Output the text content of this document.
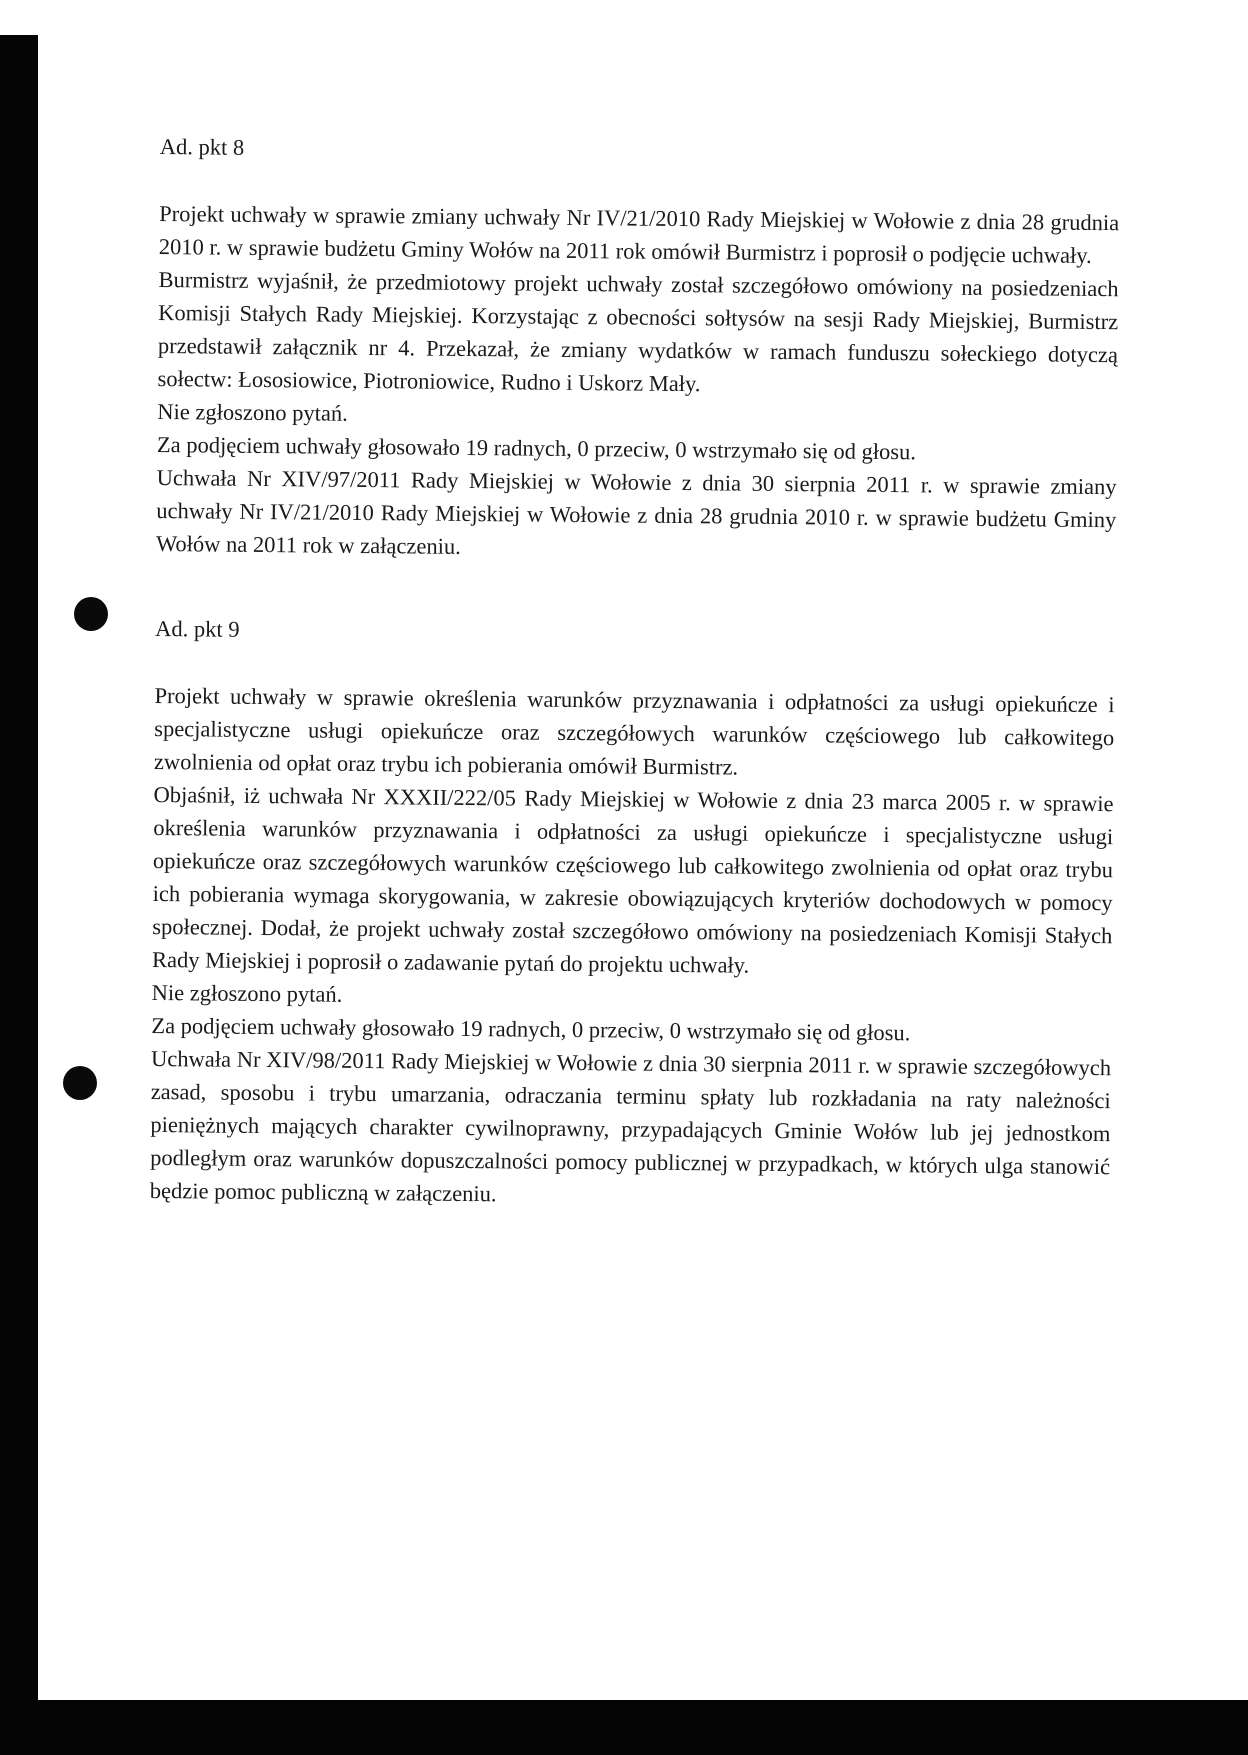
Ad. pkt 8

Projekt uchwały w sprawie zmiany uchwały Nr IV/21/2010 Rady Miejskiej w Wołowie z dnia 28 grudnia 2010 r. w sprawie budżetu Gminy Wołów na 2011 rok omówił Burmistrz i poprosił o podjęcie uchwały.

Burmistrz wyjaśnił, że przedmiotowy projekt uchwały został szczegółowo omówiony na posiedzeniach Komisji Stałych Rady Miejskiej. Korzystając z obecności sołtysów na sesji Rady Miejskiej, Burmistrz przedstawił załącznik nr 4. Przekazał, że zmiany wydatków w ramach funduszu sołeckiego dotyczą sołectw: Łososiowice, Piotroniowice, Rudno i Uskorz Mały.

Nie zgłoszono pytań.

Za podjęciem uchwały głosowało 19 radnych, 0 przeciw, 0 wstrzymało się od głosu.

Uchwała Nr XIV/97/2011 Rady Miejskiej w Wołowie z dnia 30 sierpnia 2011 r. w sprawie zmiany uchwały Nr IV/21/2010 Rady Miejskiej w Wołowie z dnia 28 grudnia 2010 r. w sprawie budżetu Gminy Wołów na 2011 rok w załączeniu.

Ad. pkt 9

Projekt uchwały w sprawie określenia warunków przyznawania i odpłatności za usługi opiekuńcze i specjalistyczne usługi opiekuńcze oraz szczegółowych warunków częściowego lub całkowitego zwolnienia od opłat oraz trybu ich pobierania omówił Burmistrz.

Objaśnił, iż uchwała Nr XXXII/222/05 Rady Miejskiej w Wołowie z dnia 23 marca 2005 r. w sprawie określenia warunków przyznawania i odpłatności za usługi opiekuńcze i specjalistyczne usługi opiekuńcze oraz szczegółowych warunków częściowego lub całkowitego zwolnienia od opłat oraz trybu ich pobierania wymaga skorygowania, w zakresie obowiązujących kryteriów dochodowych w pomocy społecznej. Dodał, że projekt uchwały został szczegółowo omówiony na posiedzeniach Komisji Stałych Rady Miejskiej i poprosił o zadawanie pytań do projektu uchwały.

Nie zgłoszono pytań.

Za podjęciem uchwały głosowało 19 radnych, 0 przeciw, 0 wstrzymało się od głosu.

Uchwała Nr XIV/98/2011 Rady Miejskiej w Wołowie z dnia 30 sierpnia 2011 r. w sprawie szczegółowych zasad, sposobu i trybu umarzania, odraczania terminu spłaty lub rozkładania na raty należności pieniężnych mających charakter cywilnoprawny, przypadających Gminie Wołów lub jej jednostkom podległym oraz warunków dopuszczalności pomocy publicznej w przypadkach, w których ulga stanowić będzie pomoc publiczną w załączeniu.
